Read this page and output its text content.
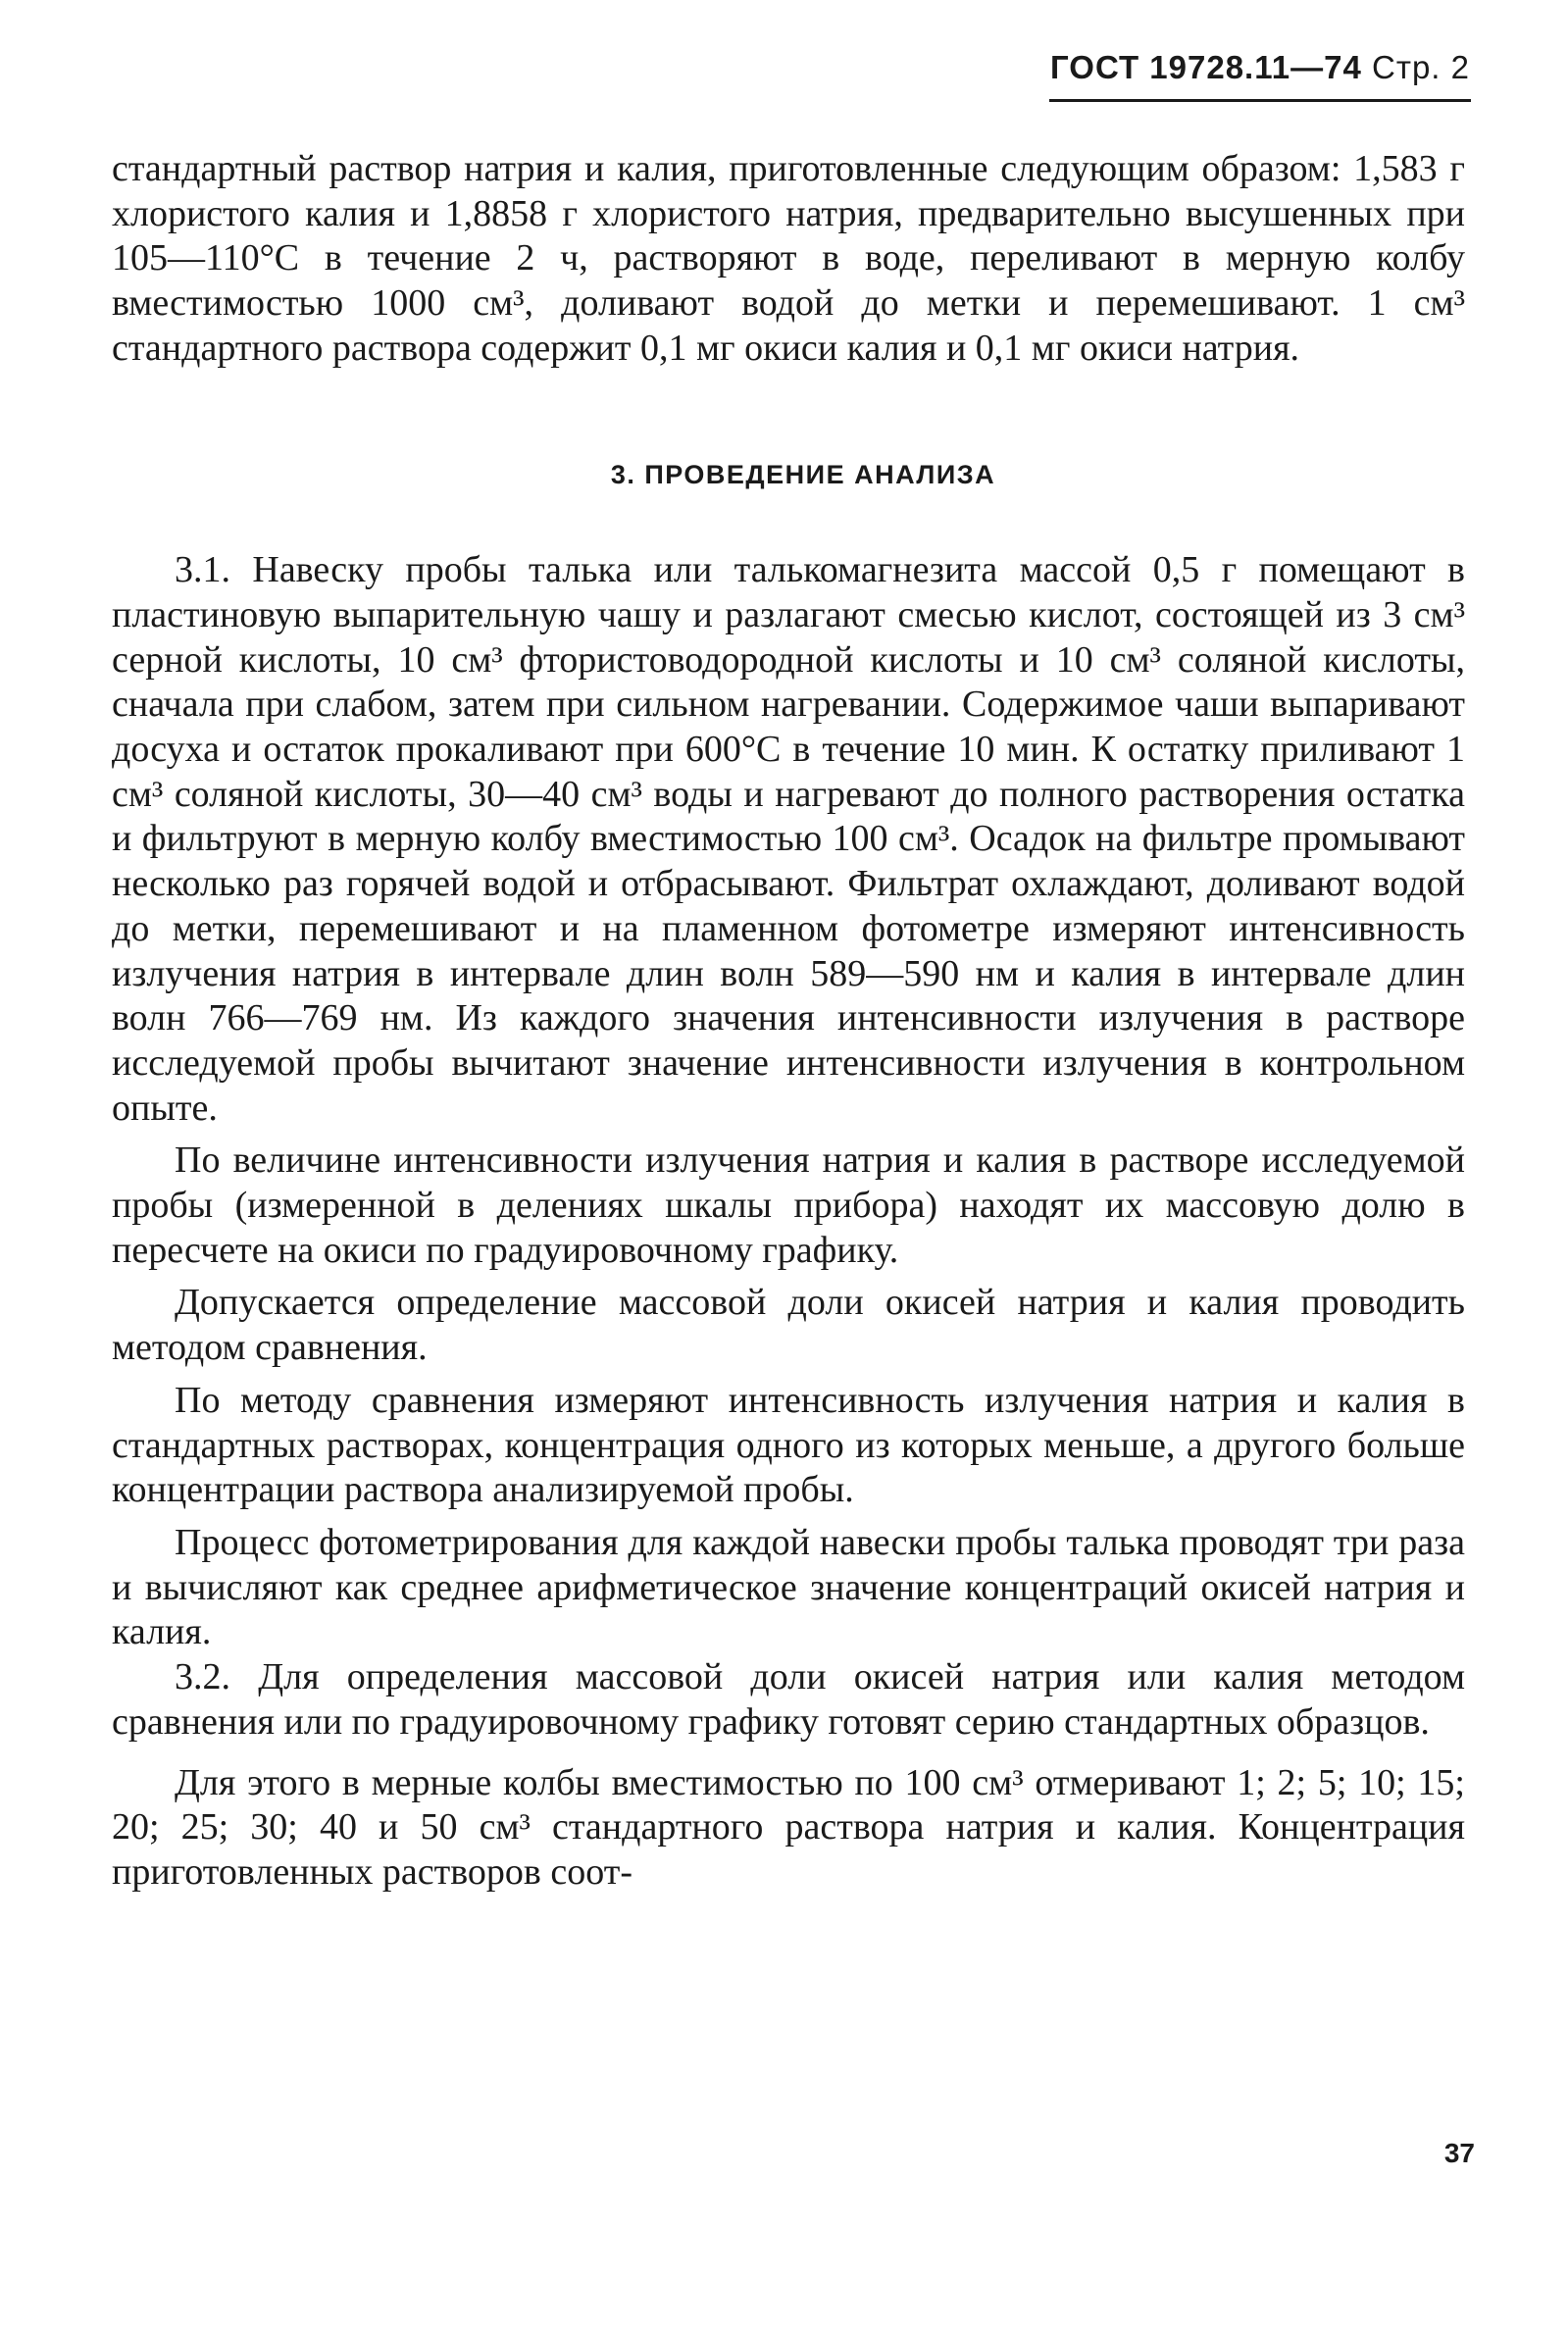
ГОСТ 19728.11—74 Стр. 2

стандартный раствор натрия и калия, приготовленные следующим образом: 1,583 г хлористого калия и 1,8858 г хлористого натрия, предварительно высушенных при 105—110°С в течение 2 ч, растворяют в воде, переливают в мерную колбу вместимостью 1000 см³, доливают водой до метки и перемешивают. 1 см³ стандартного раствора содержит 0,1 мг окиси калия и 0,1 мг окиси натрия.

3. ПРОВЕДЕНИЕ АНАЛИЗА

3.1. Навеску пробы талька или талькомагнезита массой 0,5 г помещают в пластиновую выпарительную чашу и разлагают смесью кислот, состоящей из 3 см³ серной кислоты, 10 см³ фтористоводородной кислоты и 10 см³ соляной кислоты, сначала при слабом, затем при сильном нагревании. Содержимое чаши выпаривают досуха и остаток прокаливают при 600°С в течение 10 мин. К остатку приливают 1 см³ соляной кислоты, 30—40 см³ воды и нагревают до полного растворения остатка и фильтруют в мерную колбу вместимостью 100 см³. Осадок на фильтре промывают несколько раз горячей водой и отбрасывают. Фильтрат охлаждают, доливают водой до метки, перемешивают и на пламенном фотометре измеряют интенсивность излучения натрия в интервале длин волн 589—590 нм и калия в интервале длин волн 766—769 нм. Из каждого значения интенсивности излучения в растворе исследуемой пробы вычитают значение интенсивности излучения в контрольном опыте.

По величине интенсивности излучения натрия и калия в растворе исследуемой пробы (измеренной в делениях шкалы прибора) находят их массовую долю в пересчете на окиси по градуировочному графику.

Допускается определение массовой доли окисей натрия и калия проводить методом сравнения.

По методу сравнения измеряют интенсивность излучения натрия и калия в стандартных растворах, концентрация одного из которых меньше, а другого больше концентрации раствора анализируемой пробы.

Процесс фотометрирования для каждой навески пробы талька проводят три раза и вычисляют как среднее арифметическое значение концентраций окисей натрия и калия.

3.2. Для определения массовой доли окисей натрия или калия методом сравнения или по градуировочному графику готовят серию стандартных образцов.

Для этого в мерные колбы вместимостью по 100 см³ отмеривают 1; 2; 5; 10; 15; 20; 25; 30; 40 и 50 см³ стандартного раствора натрия и калия. Концентрация приготовленных растворов соот-

37
